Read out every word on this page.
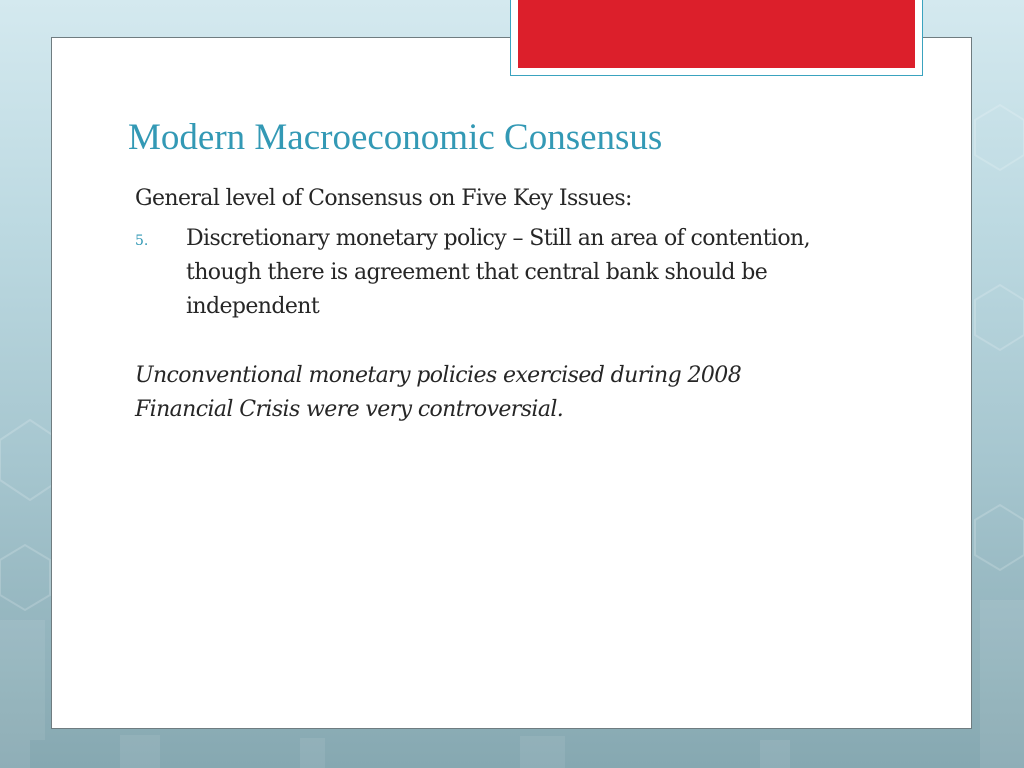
Modern Macroeconomic Consensus

General level of Consensus on Five Key Issues:

5. Discretionary monetary policy – Still an area of contention, though there is agreement that central bank should be independent

Unconventional monetary policies exercised during 2008 Financial Crisis were very controversial.
